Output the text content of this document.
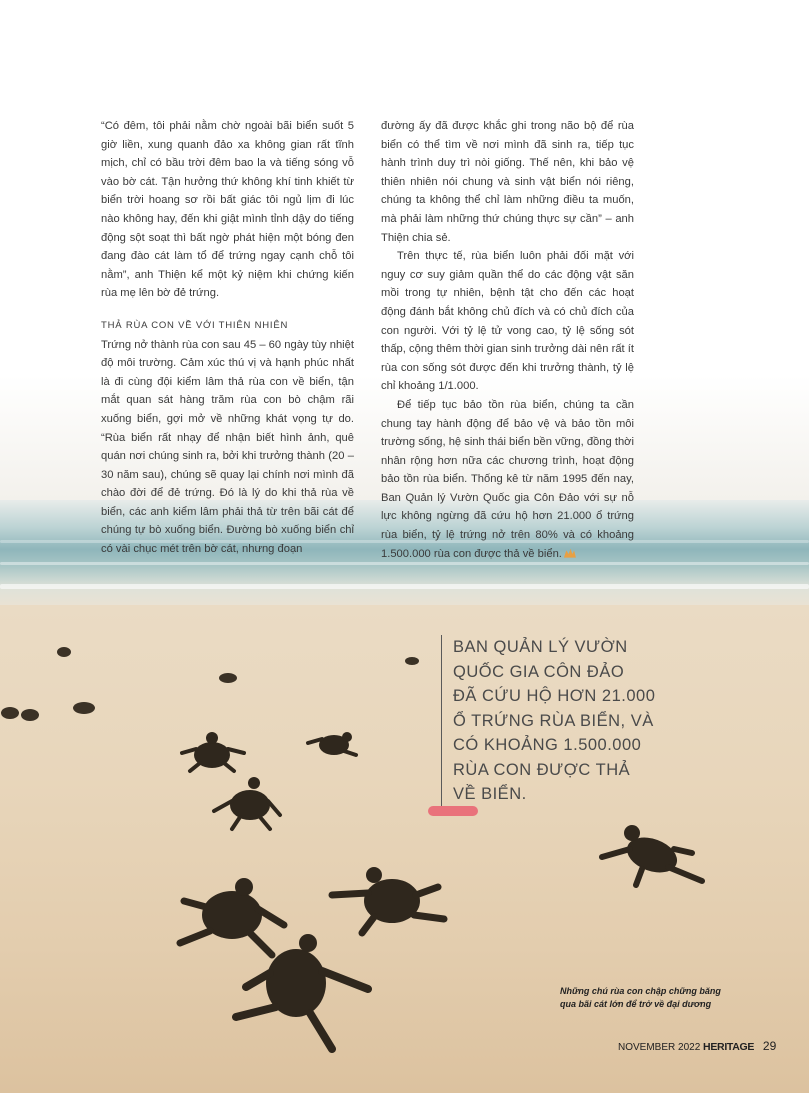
“Có đêm, tôi phải nằm chờ ngoài bãi biển suốt 5 giờ liền, xung quanh đảo xa không gian rất tĩnh mịch, chỉ có bầu trời đêm bao la và tiếng sóng vỗ vào bờ cát. Tận hưởng thứ không khí tinh khiết từ biển trời hoang sơ rồi bất giác tôi ngủ lịm đi lúc nào không hay, đến khi giật mình tỉnh dậy do tiếng động sột soạt thì bất ngờ phát hiện một bóng đen đang đào cát làm tổ để trứng ngay cạnh chỗ tôi nằm”, anh Thiện kể một kỷ niệm khi chứng kiến rùa mẹ lên bờ đẻ trứng.

THẢ RÙA CON VỀ VỚI THIÊN NHIÊN

Trứng nở thành rùa con sau 45 – 60 ngày tùy nhiệt độ môi trường. Cảm xúc thú vị và hạnh phúc nhất là đi cùng đội kiểm lâm thả rùa con về biển, tận mắt quan sát hàng trăm rùa con bò chậm rãi xuống biển, gợi mở về những khát vọng tự do. “Rùa biển rất nhạy để nhận biết hình ảnh, quê quán nơi chúng sinh ra, bởi khi trưởng thành (20 –30 năm sau), chúng sẽ quay lại chính nơi mình đã chào đời để đẻ trứng. Đó là lý do khi thả rùa về biển, các anh kiểm lâm phải thả từ trên bãi cát để chúng tự bò xuống biển. Đường bò xuống biển chỉ có vài chục mét trên bờ cát, nhưng đoạn

đường ấy đã được khắc ghi trong não bộ để rùa biển có thể tìm về nơi mình đã sinh ra, tiếp tục hành trình duy trì nòi giống. Thế nên, khi bảo vệ thiên nhiên nói chung và sinh vật biển nói riêng, chúng ta không thể chỉ làm những điều ta muốn, mà phải làm những thứ chúng thực sự cần” – anh Thiện chia sẻ.

Trên thực tế, rùa biển luôn phải đối mặt với nguy cơ suy giảm quần thể do các động vật săn mồi trong tự nhiên, bệnh tật cho đến các hoạt động đánh bắt không chủ đích và có chủ đích của con người. Với tỷ lệ tử vong cao, tỷ lệ sống sót thấp, cộng thêm thời gian sinh trưởng dài nên rất ít rùa con sống sót được đến khi trưởng thành, tỷ lệ chỉ khoảng 1/1.000.

Để tiếp tục bảo tồn rùa biển, chúng ta cần chung tay hành động để bảo vệ và bảo tồn môi trường sống, hệ sinh thái biển bền vững, đồng thời nhân rộng hơn nữa các chương trình, hoạt động bảo tồn rùa biển. Thống kê từ năm 1995 đến nay, Ban Quản lý Vườn Quốc gia Côn Đảo với sự nỗ lực không ngừng đã cứu hộ hơn 21.000 ổ trứng rùa biển, tỷ lệ trứng nở trên 80% và có khoảng 1.500.000 rùa con được thả về biển.

BAN QUẢN LÝ VƯỜN
QUỐC GIA CÔN ĐẢO
ĐÃ CỨU HỘ HƠN 21.000
Ổ TRỨNG RÙA BIỂN, VÀ
CÓ KHOẢNG 1.500.000
RÙA CON ĐƯỢC THẢ
VỀ BIỂN.
Những chú rùa con chập chững băng
qua bãi cát lớn để trở về đại dương
NOVEMBER 2022 HERITAGE 29
